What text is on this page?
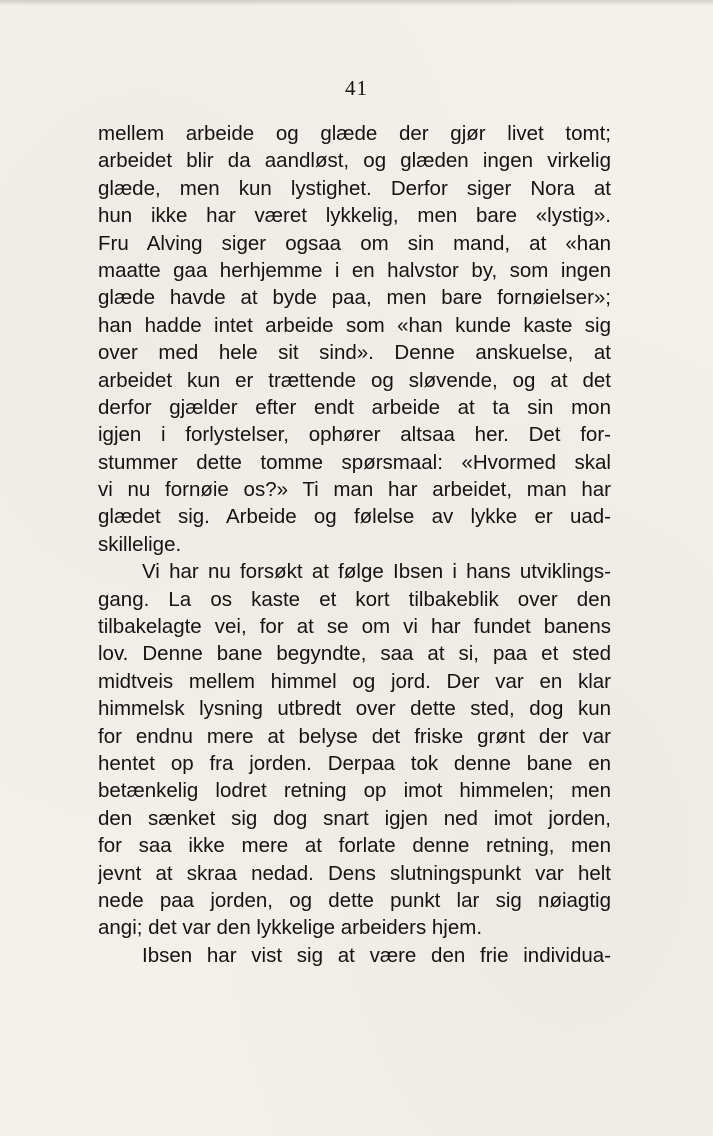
41
mellem arbeide og glæde der gjør livet tomt;
arbeidet blir da aandløst, og glæden ingen virkelig
glæde, men kun lystighet. Derfor siger Nora at
hun ikke har været lykkelig, men bare «lystig».
Fru Alving siger ogsaa om sin mand, at «han
maatte gaa herhjemme i en halvstor by, som ingen
glæde havde at byde paa, men bare fornøielser»;
han hadde intet arbeide som «han kunde kaste sig
over med hele sit sind». Denne anskuelse, at
arbeidet kun er trættende og sløvende, og at det
derfor gjælder efter endt arbeide at ta sin mon
igjen i forlystelser, ophører altsaa her. Det for-
stummer dette tomme spørsmaal: «Hvormed skal
vi nu fornøie os?» Ti man har arbeidet, man har
glædet sig. Arbeide og følelse av lykke er uad-
skillelige.
Vi har nu forsøkt at følge Ibsen i hans utviklings-
gang. La os kaste et kort tilbakeblik over den
tilbakelagte vei, for at se om vi har fundet banens
lov. Denne bane begyndte, saa at si, paa et sted
midtveis mellem himmel og jord. Der var en klar
himmelsk lysning utbredt over dette sted, dog kun
for endnu mere at belyse det friske grønt der var
hentet op fra jorden. Derpaa tok denne bane en
betænkelig lodret retning op imot himmelen; men
den sænket sig dog snart igjen ned imot jorden,
for saa ikke mere at forlate denne retning, men
jevnt at skraa nedad. Dens slutningspunkt var helt
nede paa jorden, og dette punkt lar sig nøiagtig
angi; det var den lykkelige arbeiders hjem.
Ibsen har vist sig at være den frie individua-
